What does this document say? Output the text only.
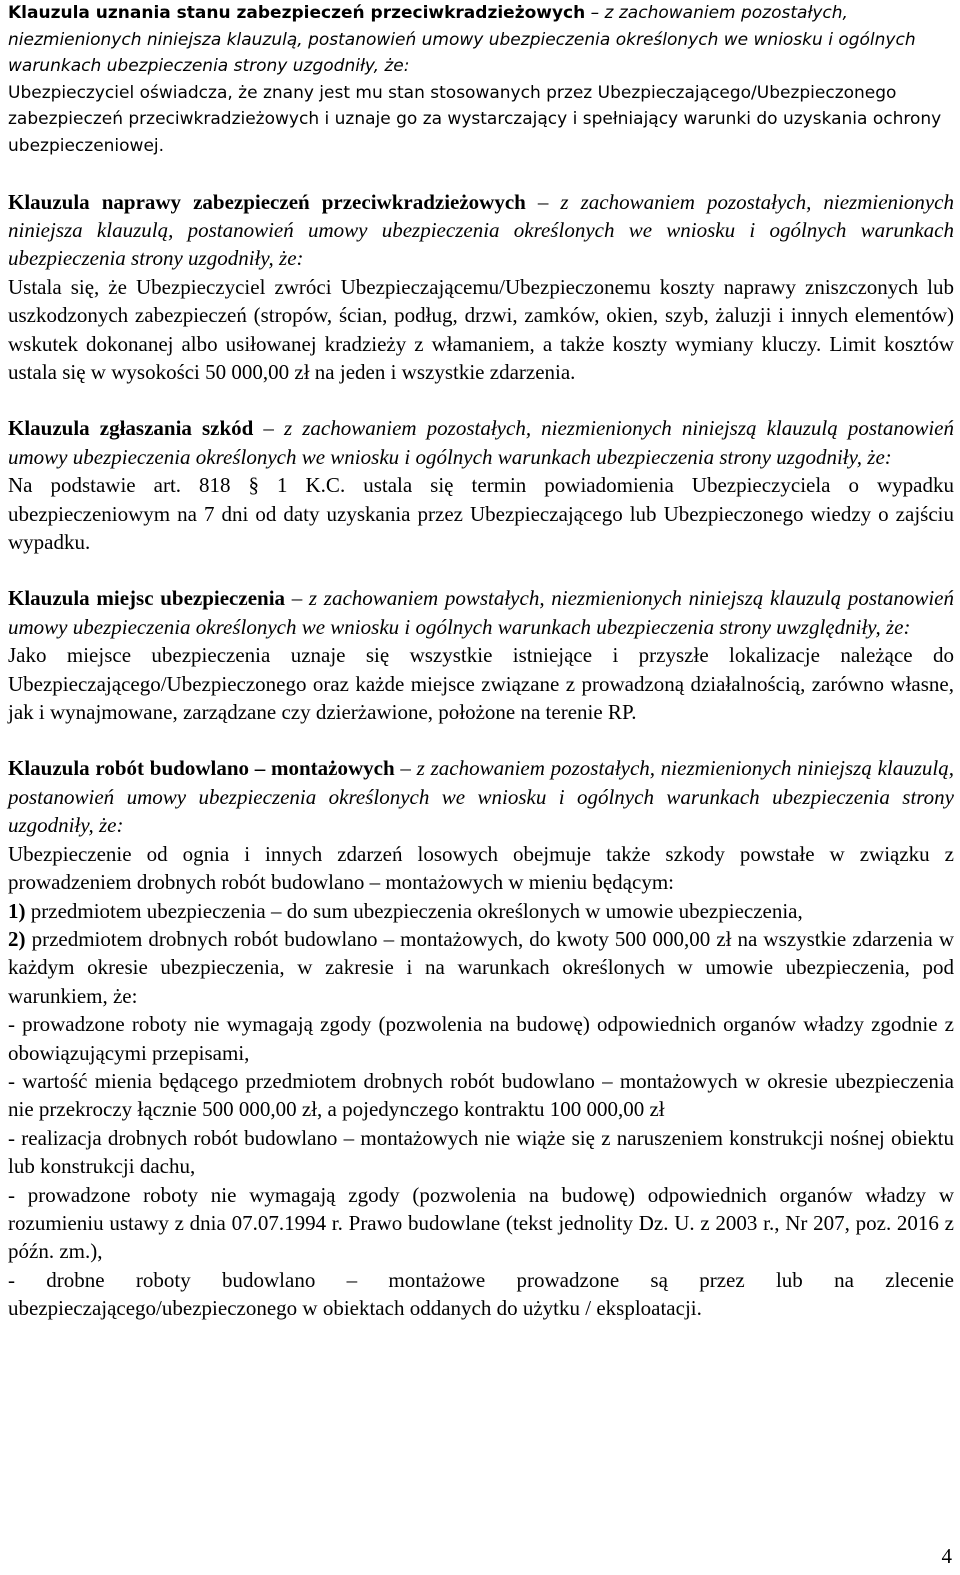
Klauzula uznania stanu zabezpieczeń przeciwkradzieżowych – z zachowaniem pozostałych, niezmienionych niniejsza klauzulą, postanowień umowy ubezpieczenia określonych we wniosku i ogólnych warunkach ubezpieczenia strony uzgodniły, że:

Ubezpieczyciel oświadcza, że znany jest mu stan stosowanych przez Ubezpieczającego/Ubezpieczonego zabezpieczeń przeciwkradzieżowych i uznaje go za wystarczający i spełniający warunki do uzyskania ochrony ubezpieczeniowej.

Klauzula naprawy zabezpieczeń przeciwkradzieżowych – z zachowaniem pozostałych, niezmienionych niniejsza klauzulą, postanowień umowy ubezpieczenia określonych we wniosku i ogólnych warunkach ubezpieczenia strony uzgodniły, że:

Ustala się, że Ubezpieczyciel zwróci Ubezpieczającemu/Ubezpieczonemu koszty naprawy zniszczonych lub uszkodzonych zabezpieczeń (stropów, ścian, podług, drzwi, zamków, okien, szyb, żaluzji i innych elementów) wskutek dokonanej albo usiłowanej kradzieży z włamaniem, a także koszty wymiany kluczy. Limit kosztów ustala się w wysokości 50 000,00 zł na jeden i wszystkie zdarzenia.

Klauzula zgłaszania szkód – z zachowaniem pozostałych, niezmienionych niniejszą klauzulą postanowień umowy ubezpieczenia określonych we wniosku i ogólnych warunkach ubezpieczenia strony uzgodniły, że:

Na podstawie art. 818 § 1 K.C. ustala się termin powiadomienia Ubezpieczyciela o wypadku ubezpieczeniowym na 7 dni od daty uzyskania przez Ubezpieczającego lub Ubezpieczonego wiedzy o zajściu wypadku.

Klauzula miejsc ubezpieczenia – z zachowaniem powstałych, niezmienionych niniejszą klauzulą postanowień umowy ubezpieczenia określonych we wniosku i ogólnych warunkach ubezpieczenia strony uwzględniły, że:

Jako miejsce ubezpieczenia uznaje się wszystkie istniejące i przyszłe lokalizacje należące do Ubezpieczającego/Ubezpieczonego oraz każde miejsce związane z prowadzoną działalnością, zarówno własne, jak i wynajmowane, zarządzane czy dzierżawione, położone na terenie RP.

Klauzula robót budowlano – montażowych – z zachowaniem pozostałych, niezmienionych niniejszą klauzulą, postanowień umowy ubezpieczenia określonych we wniosku i ogólnych warunkach ubezpieczenia strony uzgodniły, że:

Ubezpieczenie od ognia i innych zdarzeń losowych obejmuje także szkody powstałe w związku z prowadzeniem drobnych robót budowlano – montażowych w mieniu będącym:

1) przedmiotem ubezpieczenia – do sum ubezpieczenia określonych w umowie ubezpieczenia,

2) przedmiotem drobnych robót budowlano – montażowych, do kwoty 500 000,00 zł na wszystkie zdarzenia w każdym okresie ubezpieczenia, w zakresie i na warunkach określonych w umowie ubezpieczenia, pod warunkiem, że:

- prowadzone roboty nie wymagają zgody (pozwolenia na budowę) odpowiednich organów władzy zgodnie z obowiązującymi przepisami,

- wartość mienia będącego przedmiotem drobnych robót budowlano – montażowych w okresie ubezpieczenia nie przekroczy łącznie 500 000,00 zł, a pojedynczego kontraktu 100 000,00 zł

- realizacja drobnych robót budowlano – montażowych nie wiąże się z naruszeniem konstrukcji nośnej obiektu lub konstrukcji dachu,

- prowadzone roboty nie wymagają zgody (pozwolenia na budowę) odpowiednich organów władzy w rozumieniu ustawy z dnia 07.07.1994 r. Prawo budowlane (tekst jednolity Dz. U. z 2003 r., Nr 207, poz. 2016 z późn. zm.),

- drobne roboty budowlano – montażowe prowadzone są przez lub na zlecenie ubezpieczającego/ubezpieczonego w obiektach oddanych do użytku / eksploatacji.

4
